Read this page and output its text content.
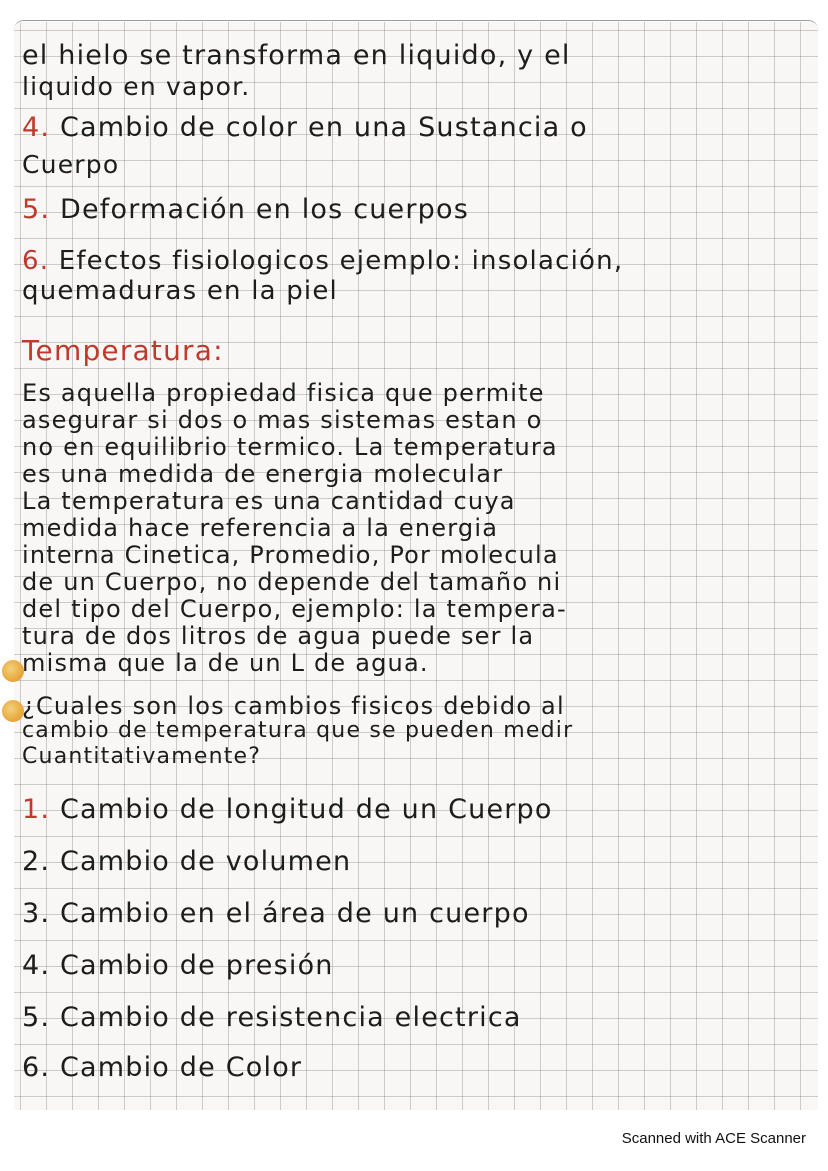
el hielo se transforma en liquido, y el
liquido en vapor.
4. Cambio de color en una Sustancia o
Cuerpo
5. Deformación en los cuerpos
6. Efectos fisiologicos ejemplo: insolación,
quemaduras en la piel
Temperatura:
Es aquella propiedad fisica que permite
asegurar si dos o mas sistemas estan o
no en equilibrio termico. La temperatura
es una medida de energia molecular
La temperatura es una cantidad cuya
medida hace referencia a la energia
interna Cinetica, Promedio, Por molecula
de un Cuerpo, no depende del tamaño ni
del tipo del Cuerpo, ejemplo: la tempera-
tura de dos litros de agua puede ser la
misma que la de un L de agua.
¿Cuales son los cambios fisicos debido al
cambio de temperatura que se pueden medir
Cuantitativamente?
1. Cambio de longitud de un Cuerpo
2. Cambio de volumen
3. Cambio en el área de un cuerpo
4. Cambio de presión
5. Cambio de resistencia electrica
6. Cambio de Color
Scanned with ACE Scanner
